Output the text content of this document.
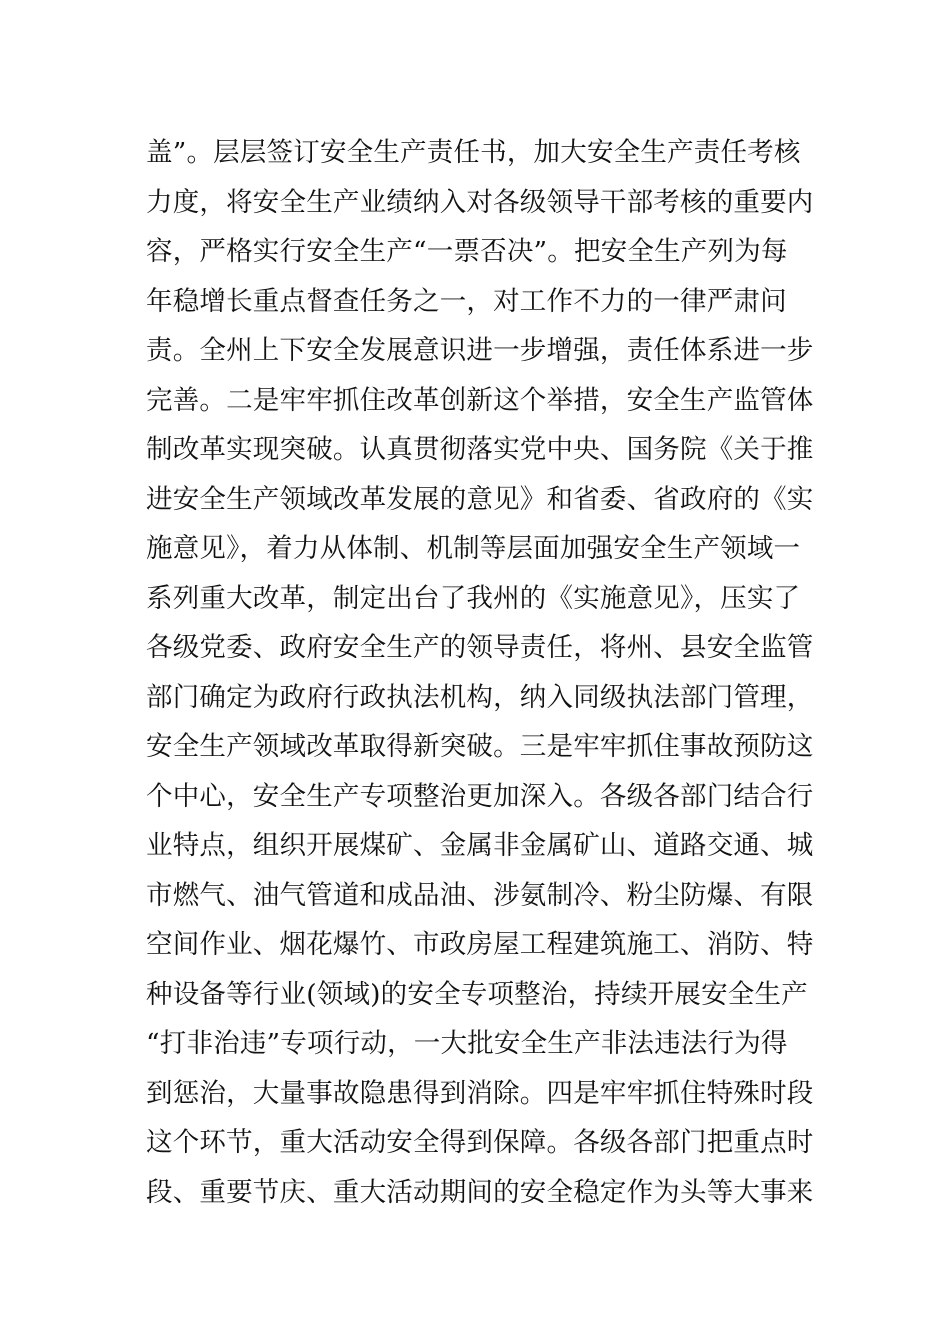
盖”。层层签订安全生产责任书，加大安全生产责任考核
力度，将安全生产业绩纳入对各级领导干部考核的重要内
容，严格实行安全生产“一票否决”。把安全生产列为每
年稳增长重点督查任务之一，对工作不力的一律严肃问
责。全州上下安全发展意识进一步增强，责任体系进一步
完善。二是牢牢抓住改革创新这个举措，安全生产监管体
制改革实现突破。认真贯彻落实党中央、国务院《关于推
进安全生产领域改革发展的意见》和省委、省政府的《实
施意见》，着力从体制、机制等层面加强安全生产领域一
系列重大改革，制定出台了我州的《实施意见》，压实了
各级党委、政府安全生产的领导责任，将州、县安全监管
部门确定为政府行政执法机构，纳入同级执法部门管理，
安全生产领域改革取得新突破。三是牢牢抓住事故预防这
个中心，安全生产专项整治更加深入。各级各部门结合行
业特点，组织开展煤矿、金属非金属矿山、道路交通、城
市燃气、油气管道和成品油、涉氨制冷、粉尘防爆、有限
空间作业、烟花爆竹、市政房屋工程建筑施工、消防、特
种设备等行业(领域)的安全专项整治，持续开展安全生产
“打非治违”专项行动，一大批安全生产非法违法行为得
到惩治，大量事故隐患得到消除。四是牢牢抓住特殊时段
这个环节，重大活动安全得到保障。各级各部门把重点时
段、重要节庆、重大活动期间的安全稳定作为头等大事来
